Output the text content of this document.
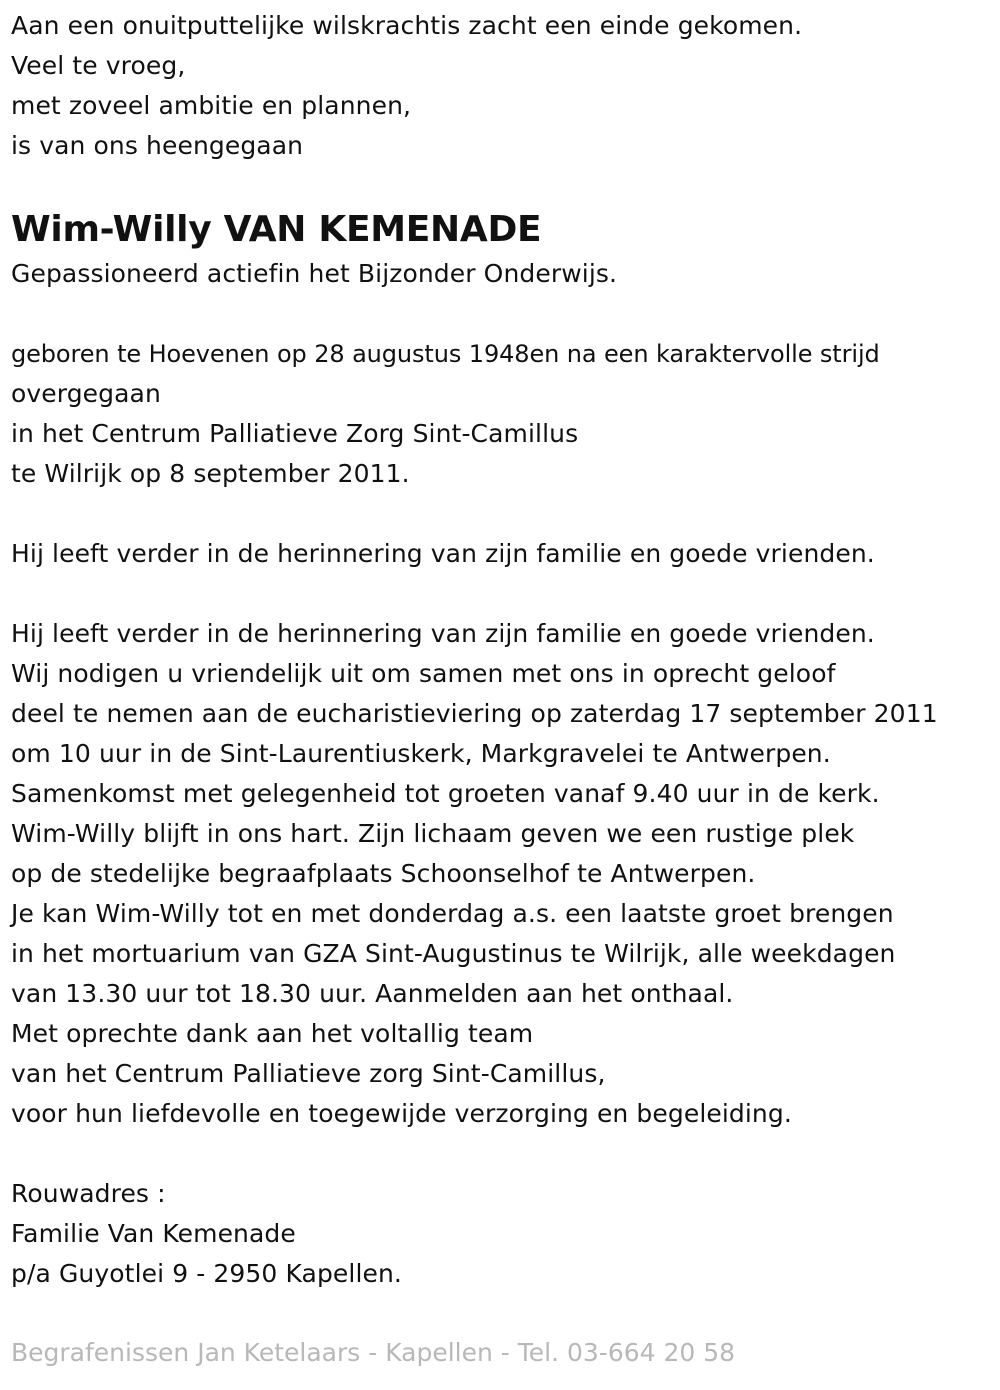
Aan een onuitputtelijke wilskrachtis zacht een einde gekomen.
Veel te vroeg,
met zoveel ambitie en plannen,
is van ons heengegaan
Wim-Willy VAN KEMENADE
Gepassioneerd actiefin het Bijzonder Onderwijs.
geboren te Hoevenen op 28 augustus 1948en na een karaktervolle strijd
overgegaan
in het Centrum Palliatieve Zorg Sint-Camillus
te Wilrijk op 8 september 2011.
Hij leeft verder in de herinnering van zijn familie en goede vrienden.
Hij leeft verder in de herinnering van zijn familie en goede vrienden.
Wij nodigen u vriendelijk uit om samen met ons in oprecht geloof
deel te nemen aan de eucharistieviering op zaterdag 17 september 2011
om 10 uur in de Sint-Laurentiuskerk, Markgravelei te Antwerpen.
Samenkomst met gelegenheid tot groeten vanaf 9.40 uur in de kerk.
Wim-Willy blijft in ons hart. Zijn lichaam geven we een rustige plek
op de stedelijke begraafplaats Schoonselhof te Antwerpen.
Je kan Wim-Willy tot en met donderdag a.s. een laatste groet brengen
in het mortuarium van GZA Sint-Augustinus te Wilrijk, alle weekdagen
van 13.30 uur tot 18.30 uur. Aanmelden aan het onthaal.
Met oprechte dank aan het voltallig team
van het Centrum Palliatieve zorg Sint-Camillus,
voor hun liefdevolle en toegewijde verzorging en begeleiding.
Rouwadres :
Familie Van Kemenade
p/a Guyotlei 9 - 2950 Kapellen.
Begrafenissen Jan Ketelaars - Kapellen - Tel. 03-664 20 58
